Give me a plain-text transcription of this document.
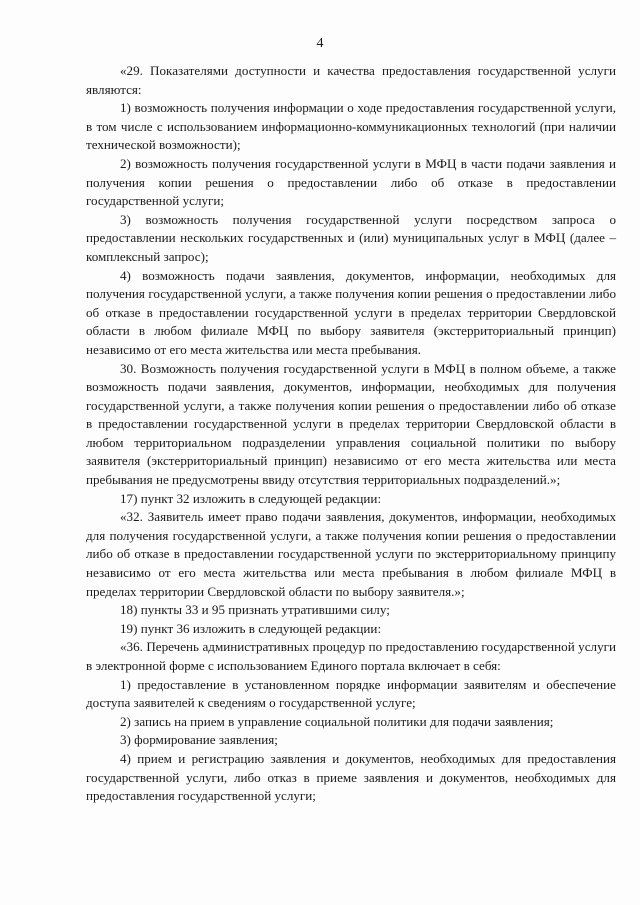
4

«29. Показателями доступности и качества предоставления государственной услуги являются:

1) возможность получения информации о ходе предоставления государственной услуги, в том числе с использованием информационно-коммуникационных технологий (при наличии технической возможности);

2) возможность получения государственной услуги в МФЦ в части подачи заявления и получения копии решения о предоставлении либо об отказе в предоставлении государственной услуги;

3) возможность получения государственной услуги посредством запроса о предоставлении нескольких государственных и (или) муниципальных услуг в МФЦ (далее – комплексный запрос);

4) возможность подачи заявления, документов, информации, необходимых для получения государственной услуги, а также получения копии решения о предоставлении либо об отказе в предоставлении государственной услуги в пределах территории Свердловской области в любом филиале МФЦ по выбору заявителя (экстерриториальный принцип) независимо от его места жительства или места пребывания.

30. Возможность получения государственной услуги в МФЦ в полном объеме, а также возможность подачи заявления, документов, информации, необходимых для получения государственной услуги, а также получения копии решения о предоставлении либо об отказе в предоставлении государственной услуги в пределах территории Свердловской области в любом территориальном подразделении управления социальной политики по выбору заявителя (экстерриториальный принцип) независимо от его места жительства или места пребывания не предусмотрены ввиду отсутствия территориальных подразделений.»;

17) пункт 32 изложить в следующей редакции:

«32. Заявитель имеет право подачи заявления, документов, информации, необходимых для получения государственной услуги, а также получения копии решения о предоставлении либо об отказе в предоставлении государственной услуги по экстерриториальному принципу независимо от его места жительства или места пребывания в любом филиале МФЦ в пределах территории Свердловской области по выбору заявителя.»;

18) пункты 33 и 95 признать утратившими силу;

19) пункт 36 изложить в следующей редакции:

«36. Перечень административных процедур по предоставлению государственной услуги в электронной форме с использованием Единого портала включает в себя:

1) предоставление в установленном порядке информации заявителям и обеспечение доступа заявителей к сведениям о государственной услуге;

2) запись на прием в управление социальной политики для подачи заявления;

3) формирование заявления;

4) прием и регистрацию заявления и документов, необходимых для предоставления государственной услуги, либо отказ в приеме заявления и документов, необходимых для предоставления государственной услуги;
